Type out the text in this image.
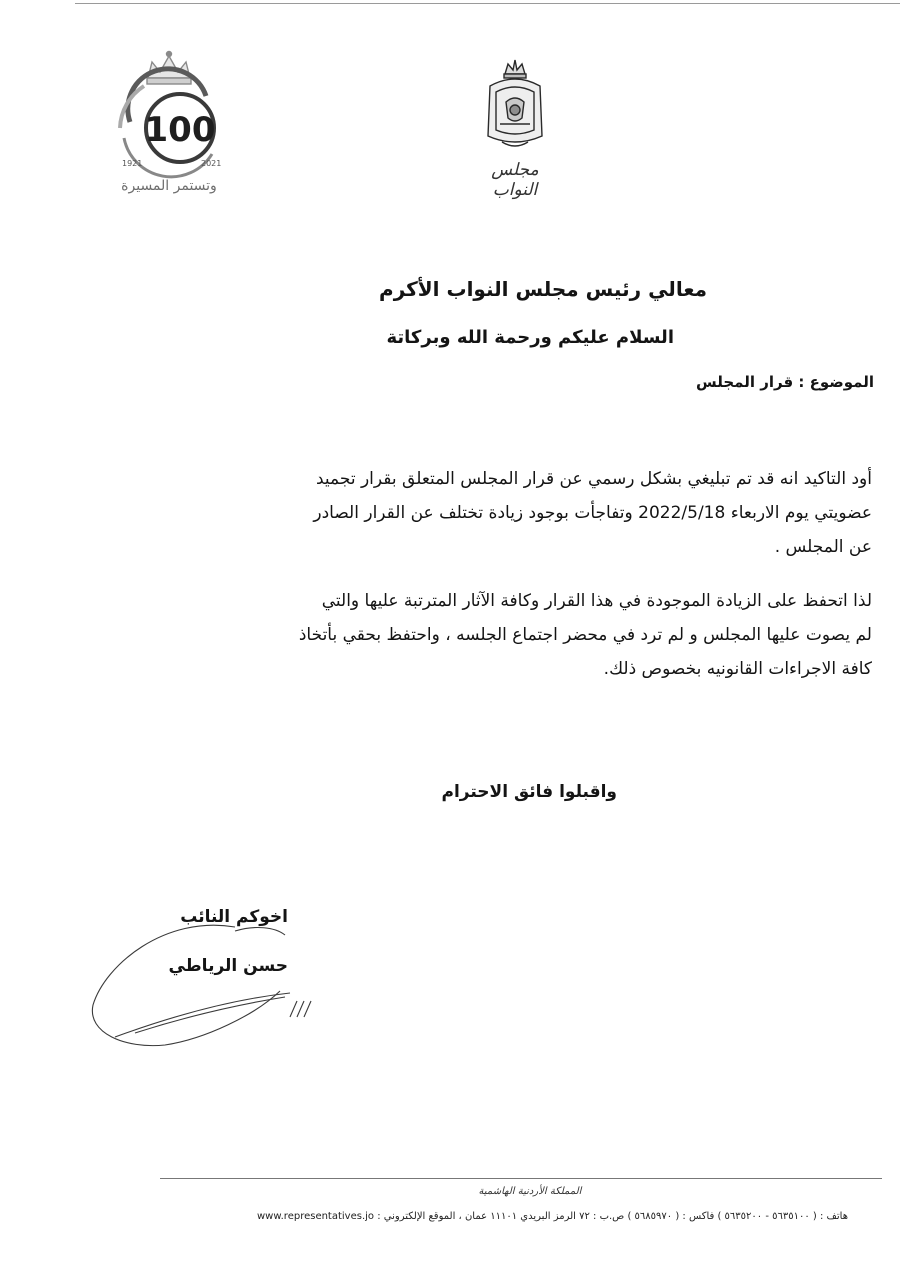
100
1921	2021
وتستمر المسيرة
مجلس النواب
معالي رئيس مجلس النواب الأكرم
السلام عليكم ورحمة الله وبركاتة
الموضوع : قرار المجلس
أود التاكيد انه قد تم تبليغي بشكل رسمي عن قرار المجلس المتعلق بقرار تجميد
عضويتي يوم الاربعاء 2022/5/18 وتفاجأت بوجود زيادة تختلف عن القرار الصادر
عن المجلس .
لذا اتحفظ على الزيادة الموجودة في هذا القرار وكافة الآثار المترتبة عليها والتي
لم يصوت عليها المجلس و لم ترد في محضر اجتماع الجلسه ، واحتفظ بحقي بأتخاذ
كافة الاجراءات القانونيه بخصوص ذلك.
واقبلوا فائق الاحترام
اخوكم النائب
حسن الرياطي
المملكة الأردنية الهاشمية
هاتف : ( ٥٦٣٥١٠٠ - ٥٦٣٥٢٠٠ ) فاكس : ( ٥٦٨٥٩٧٠ ) ص.ب : ٧٢ الرمز البريدي ١١١٠١ عمان ، الموقع الإلكتروني : www.representatives.jo
